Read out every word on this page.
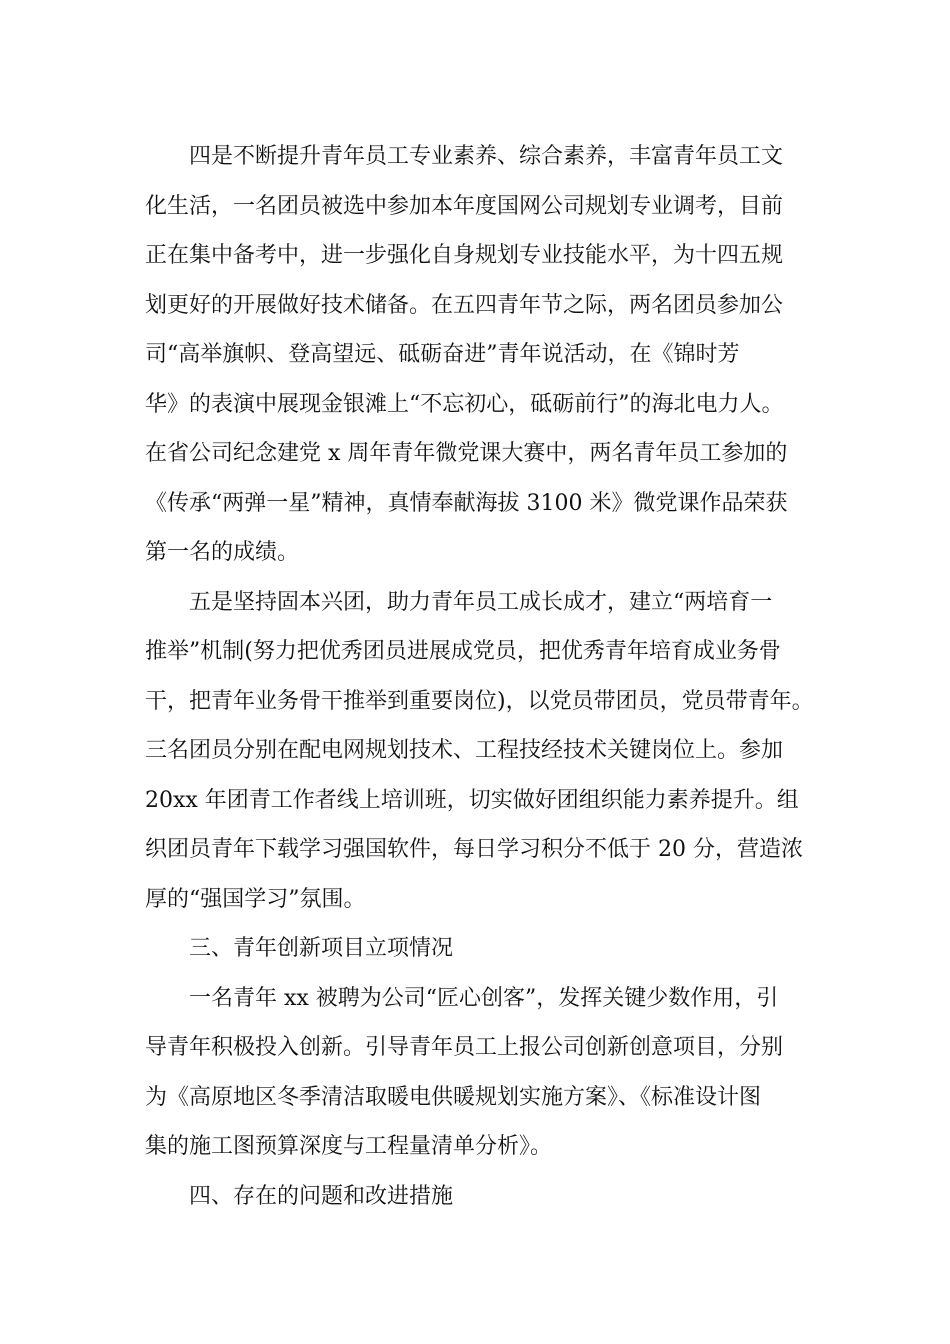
四是不断提升青年员工专业素养、综合素养，丰富青年员工文
化生活，一名团员被选中参加本年度国网公司规划专业调考，目前
正在集中备考中，进一步强化自身规划专业技能水平，为十四五规
划更好的开展做好技术储备。在五四青年节之际，两名团员参加公
司“高举旗帜、登高望远、砥砺奋进”青年说活动，在《锦时芳
华》的表演中展现金银滩上“不忘初心，砥砺前行”的海北电力人。
在省公司纪念建党 x 周年青年微党课大赛中，两名青年员工参加的
《传承“两弹一星”精神，真情奉献海拔 3100 米》微党课作品荣获
第一名的成绩。
五是坚持固本兴团，助力青年员工成长成才，建立“两培育一
推举”机制(努力把优秀团员进展成党员，把优秀青年培育成业务骨
干，把青年业务骨干推举到重要岗位)，以党员带团员，党员带青年。
三名团员分别在配电网规划技术、工程技经技术关键岗位上。参加
20xx 年团青工作者线上培训班，切实做好团组织能力素养提升。组
织团员青年下载学习强国软件，每日学习积分不低于 20 分，营造浓
厚的“强国学习”氛围。
三、青年创新项目立项情况
一名青年 xx 被聘为公司“匠心创客”，发挥关键少数作用，引
导青年积极投入创新。引导青年员工上报公司创新创意项目，分别
为《高原地区冬季清洁取暖电供暖规划实施方案》、《标准设计图
集的施工图预算深度与工程量清单分析》。
四、存在的问题和改进措施
